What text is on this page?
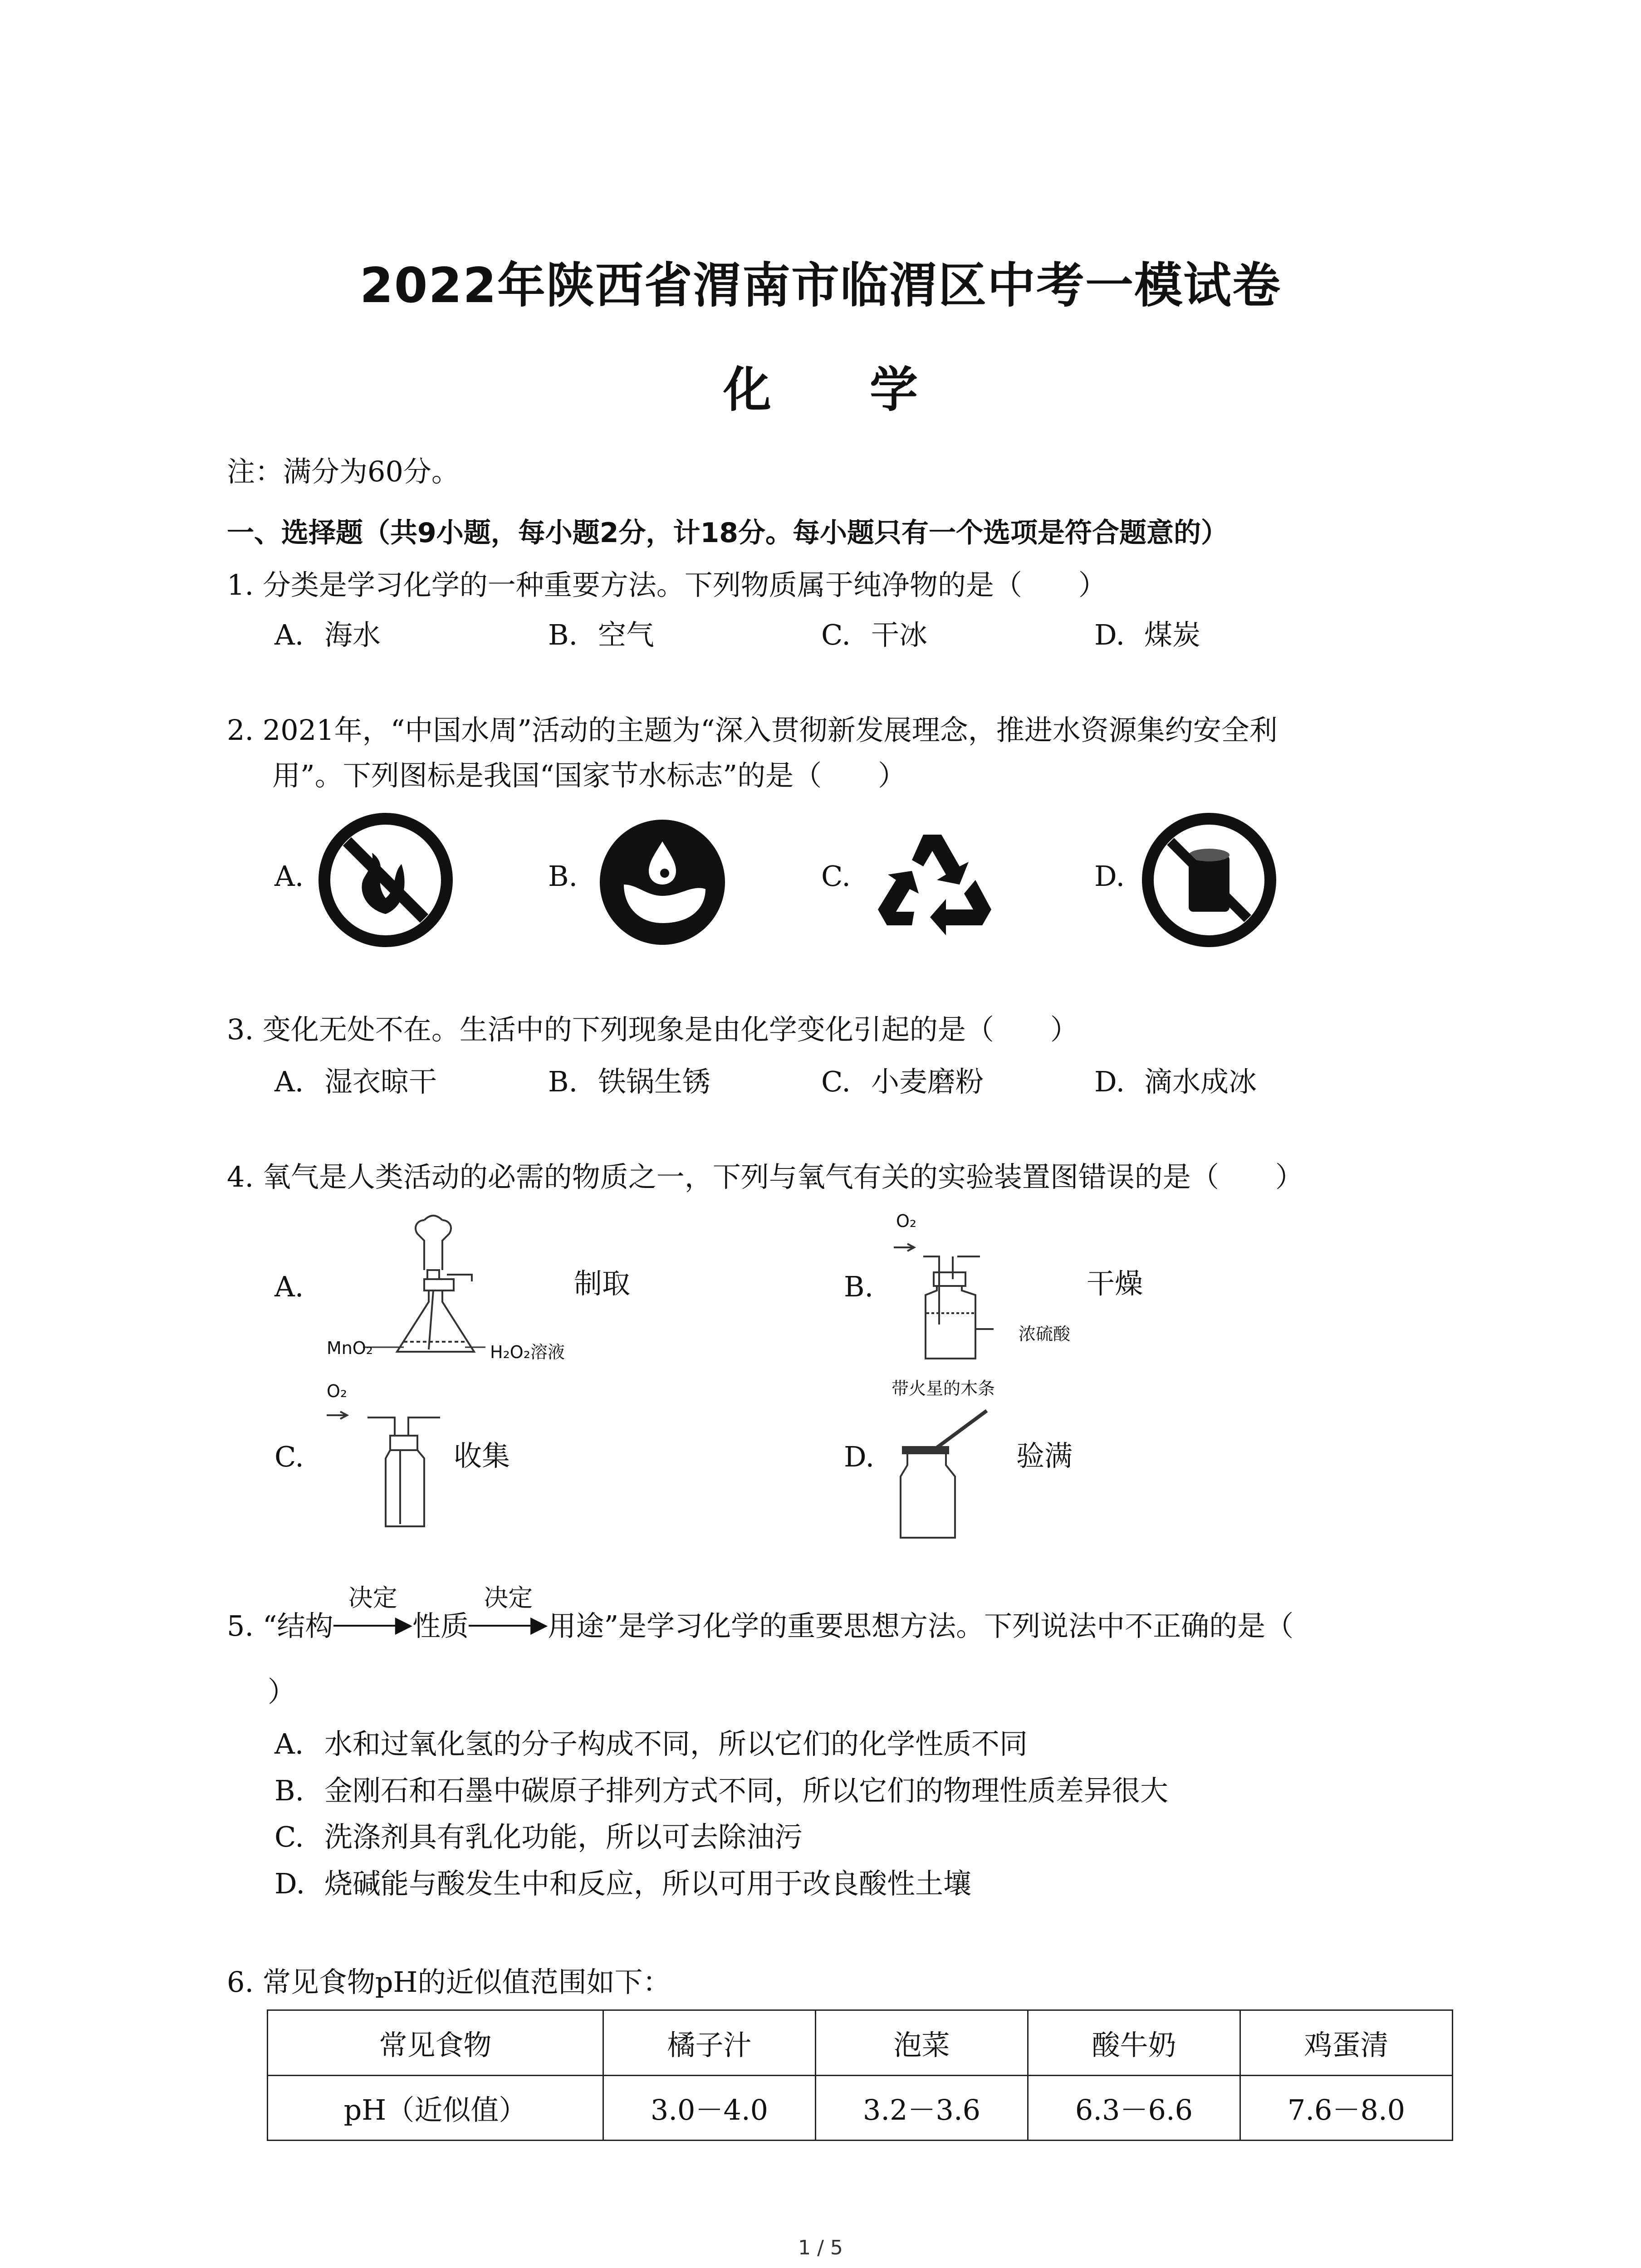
2022年陕西省渭南市临渭区中考一模试卷
化 学
注：满分为60分。
一、选择题（共9小题，每小题2分，计18分。每小题只有一个选项是符合题意的）
1. 分类是学习化学的一种重要方法。下列物质属于纯净物的是（　　）
A. 海水	B. 空气	C. 干冰	D. 煤炭
2. 2021年，“中国水周”活动的主题为“深入贯彻新发展理念，推进水资源集约安全利
用”。下列图标是我国“国家节水标志”的是（　　）
A.	B.	C.	D.
3. 变化无处不在。生活中的下列现象是由化学变化引起的是（　　）
A. 湿衣晾干	B. 铁锅生锈	C. 小麦磨粉	D. 滴水成冰
4. 氧气是人类活动的必需的物质之一，下列与氧气有关的实验装置图错误的是（　　）
A.
MnO₂	H₂O₂溶液
制取	B.
O₂
浓硫酸
干燥
C.
O₂
收集	D.
带火星的木条
验满
5. “结构
决定
▶性质
决定
▶用途”是学习化学的重要思想方法。下列说法中不正确的是（
）
A. 水和过氧化氢的分子构成不同，所以它们的化学性质不同
B. 金刚石和石墨中碳原子排列方式不同，所以它们的物理性质差异很大
C. 洗涤剂具有乳化功能，所以可去除油污
D. 烧碱能与酸发生中和反应，所以可用于改良酸性土壤
6. 常见食物pH的近似值范围如下：
常见食物	橘子汁	泡菜	酸牛奶	鸡蛋清
pH（近似值）	3.0－4.0	3.2－3.6	6.3－6.6	7.6－8.0
1 / 5
